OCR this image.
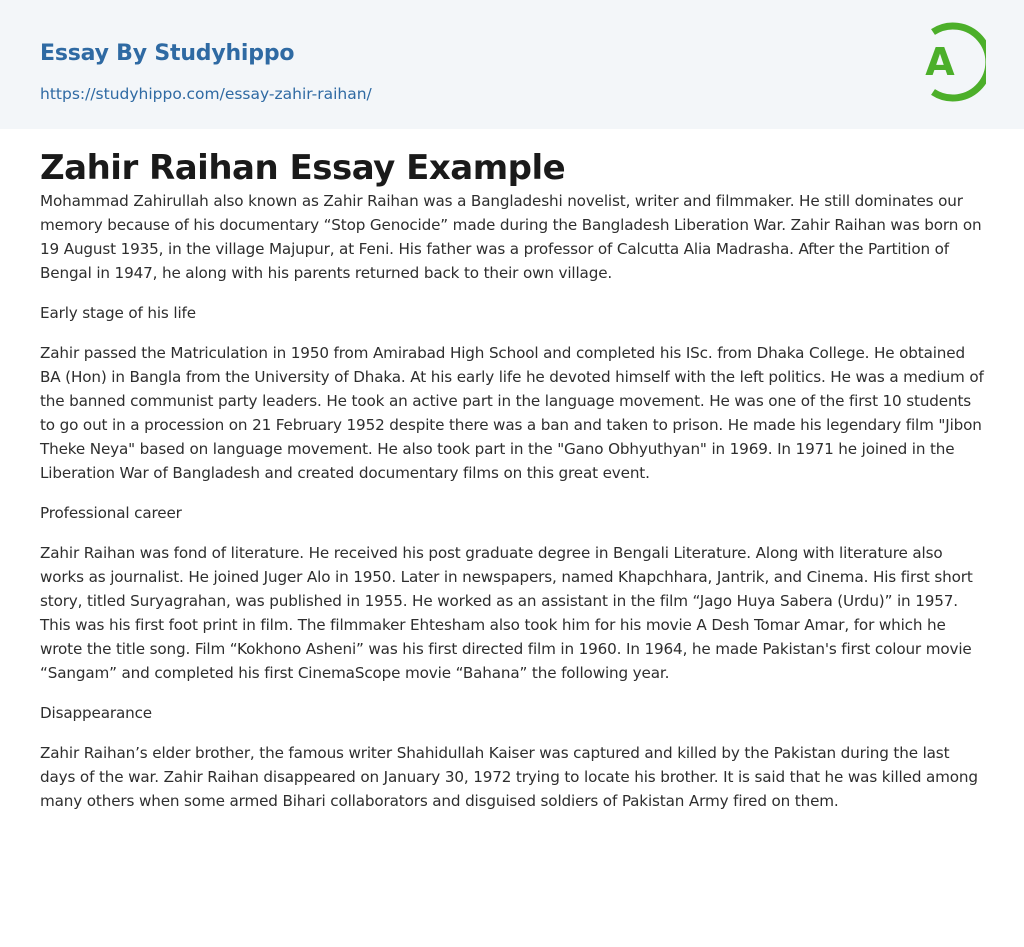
Essay By Studyhippo
https://studyhippo.com/essay-zahir-raihan/
A
Zahir Raihan Essay Example

Mohammad Zahirullah also known as Zahir Raihan was a Bangladeshi novelist, writer and filmmaker. He still dominates our memory because of his documentary “Stop Genocide” made during the Bangladesh Liberation War. Zahir Raihan was born on 19 August 1935, in the village Majupur, at Feni. His father was a professor of Calcutta Alia Madrasha. After the Partition of Bengal in 1947, he along with his parents returned back to their own village.

Early stage of his life

Zahir passed the Matriculation in 1950 from Amirabad High School and completed his ISc. from Dhaka College. He obtained BA (Hon) in Bangla from the University of Dhaka. At his early life he devoted himself with the left politics. He was a medium of the banned communist party leaders. He took an active part in the language movement. He was one of the first 10 students to go out in a procession on 21 February 1952 despite there was a ban and taken to prison. He made his legendary film "Jibon Theke Neya" based on language movement. He also took part in the "Gano Obhyuthyan" in 1969. In 1971 he joined in the Liberation War of Bangladesh and created documentary films on this great event.

Professional career

Zahir Raihan was fond of literature. He received his post graduate degree in Bengali Literature. Along with literature also works as journalist. He joined Juger Alo in 1950. Later in newspapers, named Khapchhara, Jantrik, and Cinema. His first short story, titled Suryagrahan, was published in 1955. He worked as an assistant in the film “Jago Huya Sabera (Urdu)” in 1957. This was his first foot print in film. The filmmaker Ehtesham also took him for his movie A Desh Tomar Amar, for which he wrote the title song. Film “Kokhono Asheni” was his first directed film in 1960. In 1964, he made Pakistan's first colour movie “Sangam” and completed his first CinemaScope movie “Bahana” the following year.

Disappearance

Zahir Raihan’s elder brother, the famous writer Shahidullah Kaiser was captured and killed by the Pakistan during the last days of the war. Zahir Raihan disappeared on January 30, 1972 trying to locate his brother. It is said that he was killed among many others when some armed Bihari collaborators and disguised soldiers of Pakistan Army fired on them.
